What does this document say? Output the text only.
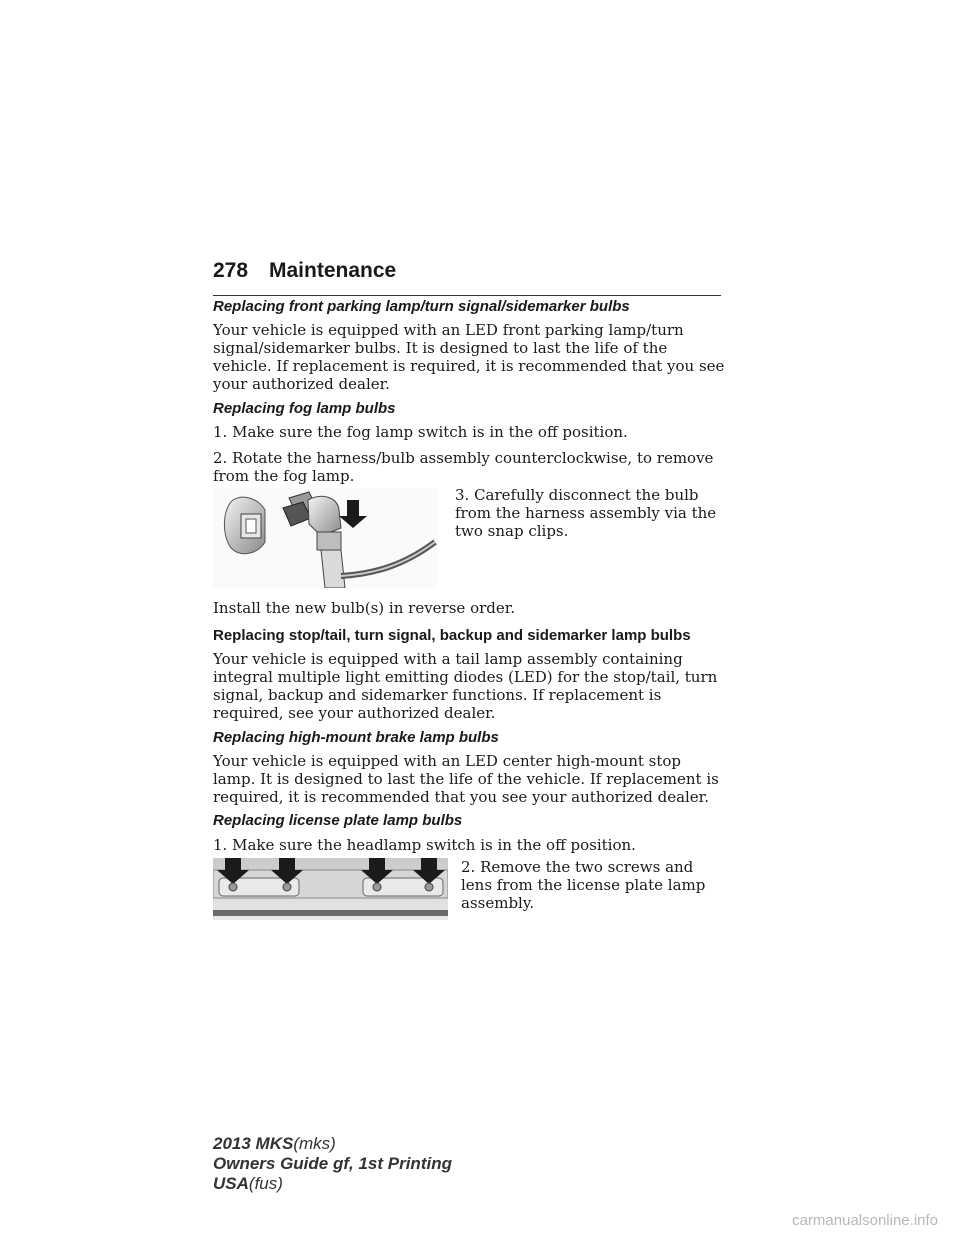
278 Maintenance
Replacing front parking lamp/turn signal/sidemarker bulbs
Your vehicle is equipped with an LED front parking lamp/turn signal/sidemarker bulbs. It is designed to last the life of the vehicle. If replacement is required, it is recommended that you see your authorized dealer.
Replacing fog lamp bulbs
1. Make sure the fog lamp switch is in the off position.
2. Rotate the harness/bulb assembly counterclockwise, to remove from the fog lamp.
3. Carefully disconnect the bulb from the harness assembly via the two snap clips.
Install the new bulb(s) in reverse order.
Replacing stop/tail, turn signal, backup and sidemarker lamp bulbs
Your vehicle is equipped with a tail lamp assembly containing integral multiple light emitting diodes (LED) for the stop/tail, turn signal, backup and sidemarker functions. If replacement is required, see your authorized dealer.
Replacing high-mount brake lamp bulbs
Your vehicle is equipped with an LED center high-mount stop lamp. It is designed to last the life of the vehicle. If replacement is required, it is recommended that you see your authorized dealer.
Replacing license plate lamp bulbs
1. Make sure the headlamp switch is in the off position.
2. Remove the two screws and lens from the license plate lamp assembly.
2013 MKS(mks)
Owners Guide gf, 1st Printing
USA(fus)
carmanualsonline.info
